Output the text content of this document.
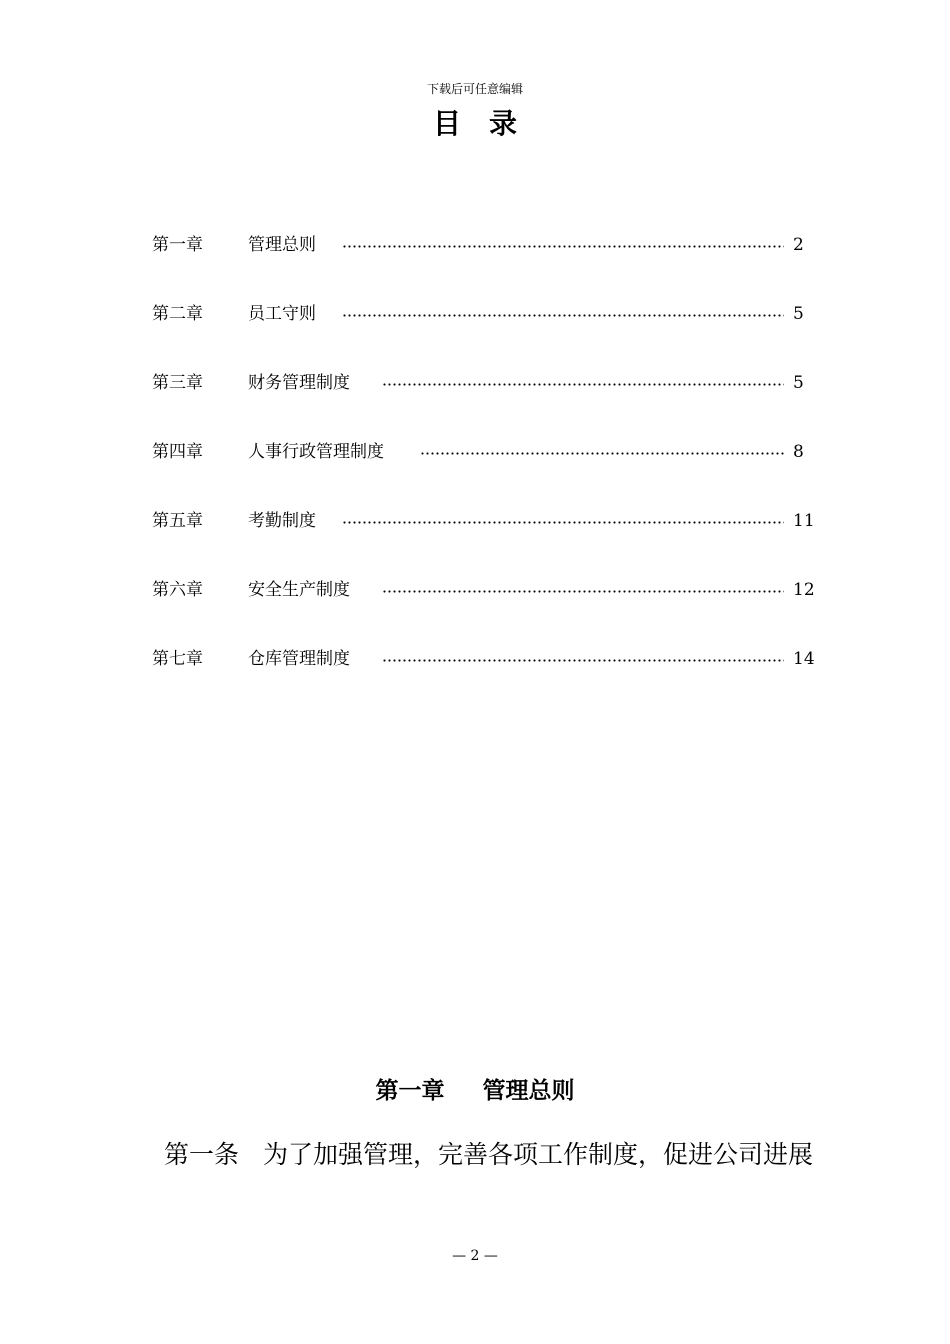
下载后可任意编辑
目 录
第一章	管理总则	2
第二章	员工守则	5
第三章	财务管理制度	5
第四章	人事行政管理制度	8
第五章	考勤制度	11
第六章	安全生产制度	12
第七章	仓库管理制度	14
第一章 管理总则
第一条 为了加强管理，完善各项工作制度，促进公司进展
— 2 —
